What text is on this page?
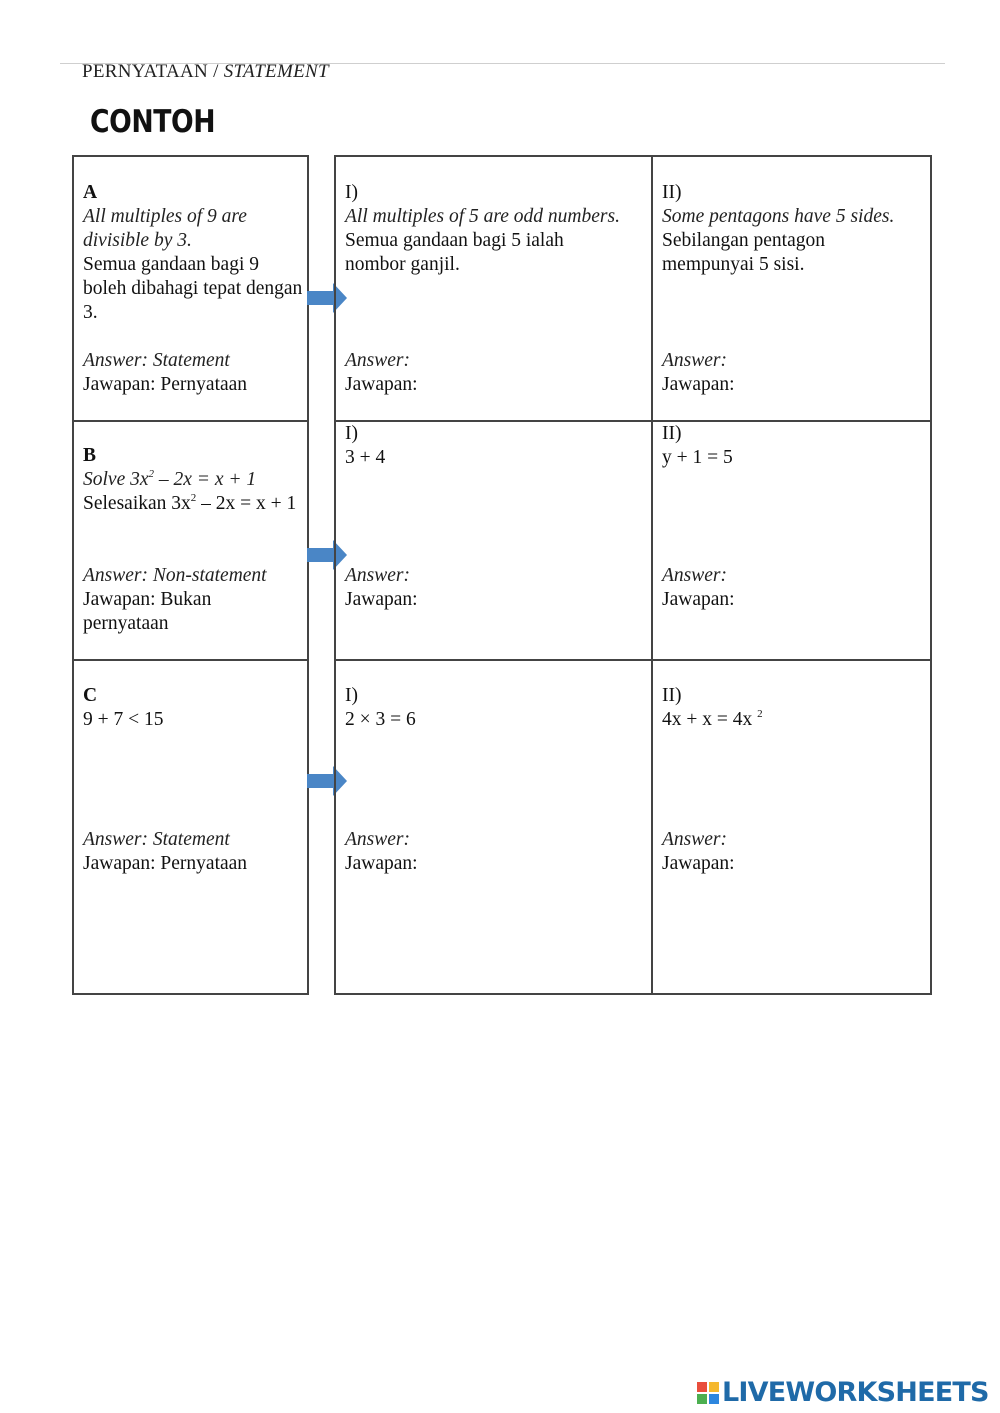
PERNYATAAN / STATEMENT
CONTOH
A
All multiples of 9 are divisible by 3.
Semua gandaan bagi 9 boleh dibahagi tepat dengan 3.
Answer: Statement
Jawapan: Pernyataan
B
Solve $3x^2 - 2x = x + 1$
Selesaikan $3x^2 - 2x = x + 1$
Answer: Non-statement
Jawapan: Bukan pernyataan
C
9 + 7 < 15
Answer: Statement
Jawapan: Pernyataan
I)
All multiples of 5 are odd numbers.
Semua gandaan bagi 5 ialah nombor ganjil.
Answer:
Jawapan:
II)
Some pentagons have 5 sides.
Sebilangan pentagon mempunyai 5 sisi.
Answer:
Jawapan:
I)
3 + 4
Answer:
Jawapan:
II)
y + 1 = 5
Answer:
Jawapan:
I)
2 × 3 = 6
Answer:
Jawapan:
II)
4x + x = 4x $^2$
Answer:
Jawapan:
LIVEWORKSHEETS
